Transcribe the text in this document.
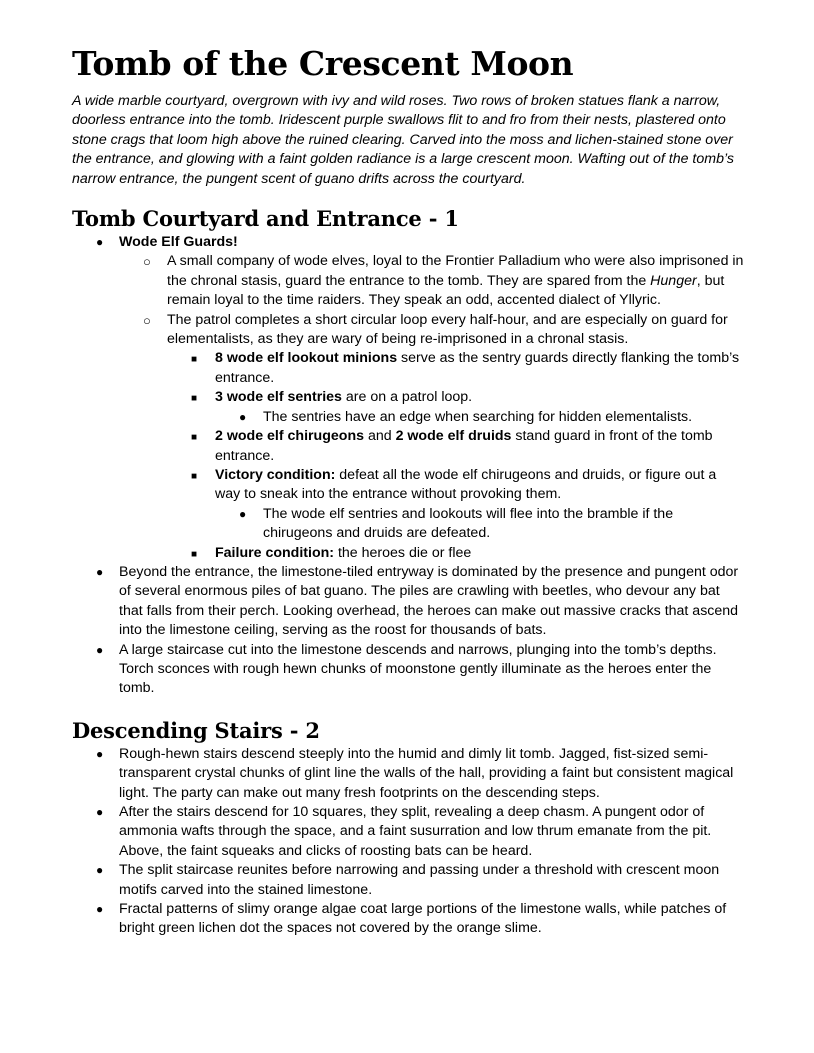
Tomb of the Crescent Moon

A wide marble courtyard, overgrown with ivy and wild roses. Two rows of broken statues flank a narrow, doorless entrance into the tomb. Iridescent purple swallows flit to and fro from their nests, plastered onto stone crags that loom high above the ruined clearing. Carved into the moss and lichen-stained stone over the entrance, and glowing with a faint golden radiance is a large crescent moon. Wafting out of the tomb’s narrow entrance, the pungent scent of guano drifts across the courtyard.

Tomb Courtyard and Entrance - 1
● Wode Elf Guards!
○ A small company of wode elves, loyal to the Frontier Palladium who were also imprisoned in the chronal stasis, guard the entrance to the tomb. They are spared from the Hunger, but remain loyal to the time raiders. They speak an odd, accented dialect of Yllyric.
○ The patrol completes a short circular loop every half-hour, and are especially on guard for elementalists, as they are wary of being re-imprisoned in a chronal stasis.
■ 8 wode elf lookout minions serve as the sentry guards directly flanking the tomb’s entrance.
■ 3 wode elf sentries are on a patrol loop.
● The sentries have an edge when searching for hidden elementalists.
■ 2 wode elf chirugeons and 2 wode elf druids stand guard in front of the tomb entrance.
■ Victory condition: defeat all the wode elf chirugeons and druids, or figure out a way to sneak into the entrance without provoking them.
● The wode elf sentries and lookouts will flee into the bramble if the chirugeons and druids are defeated.
■ Failure condition: the heroes die or flee
● Beyond the entrance, the limestone-tiled entryway is dominated by the presence and pungent odor of several enormous piles of bat guano. The piles are crawling with beetles, who devour any bat that falls from their perch. Looking overhead, the heroes can make out massive cracks that ascend into the limestone ceiling, serving as the roost for thousands of bats.
● A large staircase cut into the limestone descends and narrows, plunging into the tomb’s depths. Torch sconces with rough hewn chunks of moonstone gently illuminate as the heroes enter the tomb.
Descending Stairs - 2
● Rough-hewn stairs descend steeply into the humid and dimly lit tomb. Jagged, fist-sized semi-transparent crystal chunks of glint line the walls of the hall, providing a faint but consistent magical light. The party can make out many fresh footprints on the descending steps.
● After the stairs descend for 10 squares, they split, revealing a deep chasm. A pungent odor of ammonia wafts through the space, and a faint susurration and low thrum emanate from the pit. Above, the faint squeaks and clicks of roosting bats can be heard.
● The split staircase reunites before narrowing and passing under a threshold with crescent moon motifs carved into the stained limestone.
● Fractal patterns of slimy orange algae coat large portions of the limestone walls, while patches of bright green lichen dot the spaces not covered by the orange slime.
